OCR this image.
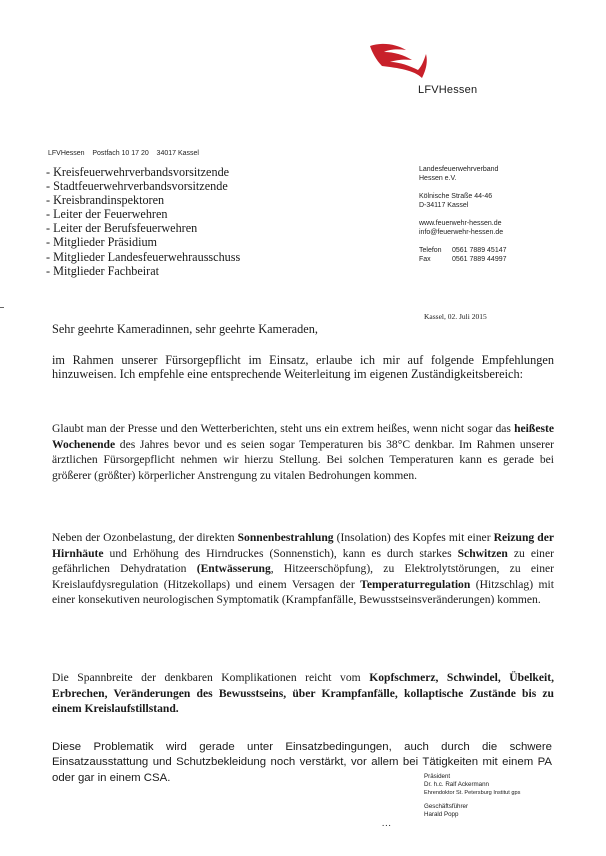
LFVHessen
LFVHessen    Postfach 10 17 20    34017 Kassel
- Kreisfeuerwehrverbandsvorsitzende
- Stadtfeuerwehrverbandsvorsitzende
- Kreisbrandinspektoren
- Leiter der Feuerwehren
- Leiter der Berufsfeuerwehren
- Mitglieder Präsidium
- Mitglieder Landesfeuerwehrausschuss
- Mitglieder Fachbeirat
Landesfeuerwehrverband
Hessen e.V.
Kölnische Straße 44-46
D-34117 Kassel
www.feuerwehr-hessen.de
info@feuerwehr-hessen.de
Telefon	0561 7889 45147
Fax	0561 7889 44997
Kassel, 02. Juli 2015

Sehr geehrte Kameradinnen, sehr geehrte Kameraden,

im Rahmen unserer Fürsorgepflicht im Einsatz, erlaube ich mir auf folgende Empfehlungen hinzuweisen. Ich empfehle eine entsprechende Weiterleitung im eigenen Zuständigkeitsbereich:

Glaubt man der Presse und den Wetterberichten, steht uns ein extrem heißes, wenn nicht sogar das heißeste Wochenende des Jahres bevor und es seien sogar Temperaturen bis 38°C denkbar. Im Rahmen unserer ärztlichen Fürsorgepflicht nehmen wir hierzu Stellung. Bei solchen Temperaturen kann es gerade bei größerer (größter) körperlicher Anstrengung zu vitalen Bedrohungen kommen.

Neben der Ozonbelastung, der direkten Sonnenbestrahlung (Insolation) des Kopfes mit einer Reizung der Hirnhäute und Erhöhung des Hirndruckes (Sonnenstich), kann es durch starkes Schwitzen zu einer gefährlichen Dehydratation (Entwässerung, Hitzeerschöpfung), zu Elektrolytstörungen, zu einer Kreislaufdysregulation (Hitzekollaps) und einem Versagen der Temperaturregulation (Hitzschlag) mit einer konsekutiven neurologischen Symptomatik (Krampfanfälle, Bewusstseinsveränderungen) kommen.

Die Spannbreite der denkbaren Komplikationen reicht vom Kopfschmerz, Schwindel, Übelkeit, Erbrechen, Veränderungen des Bewusstseins, über Krampfanfälle, kollaptische Zustände bis zu einem Kreislaufstillstand.

Diese Problematik wird gerade unter Einsatzbedingungen, auch durch die schwere Einsatzausstattung und Schutzbekleidung noch verstärkt, vor allem bei Tätigkeiten mit einem PA oder gar in einem CSA.	Präsident
Dr. h.c. Ralf Ackermann
Ehrendoktor St. Petersburg Institut gps
Geschäftsführer
Harald Popp
...
